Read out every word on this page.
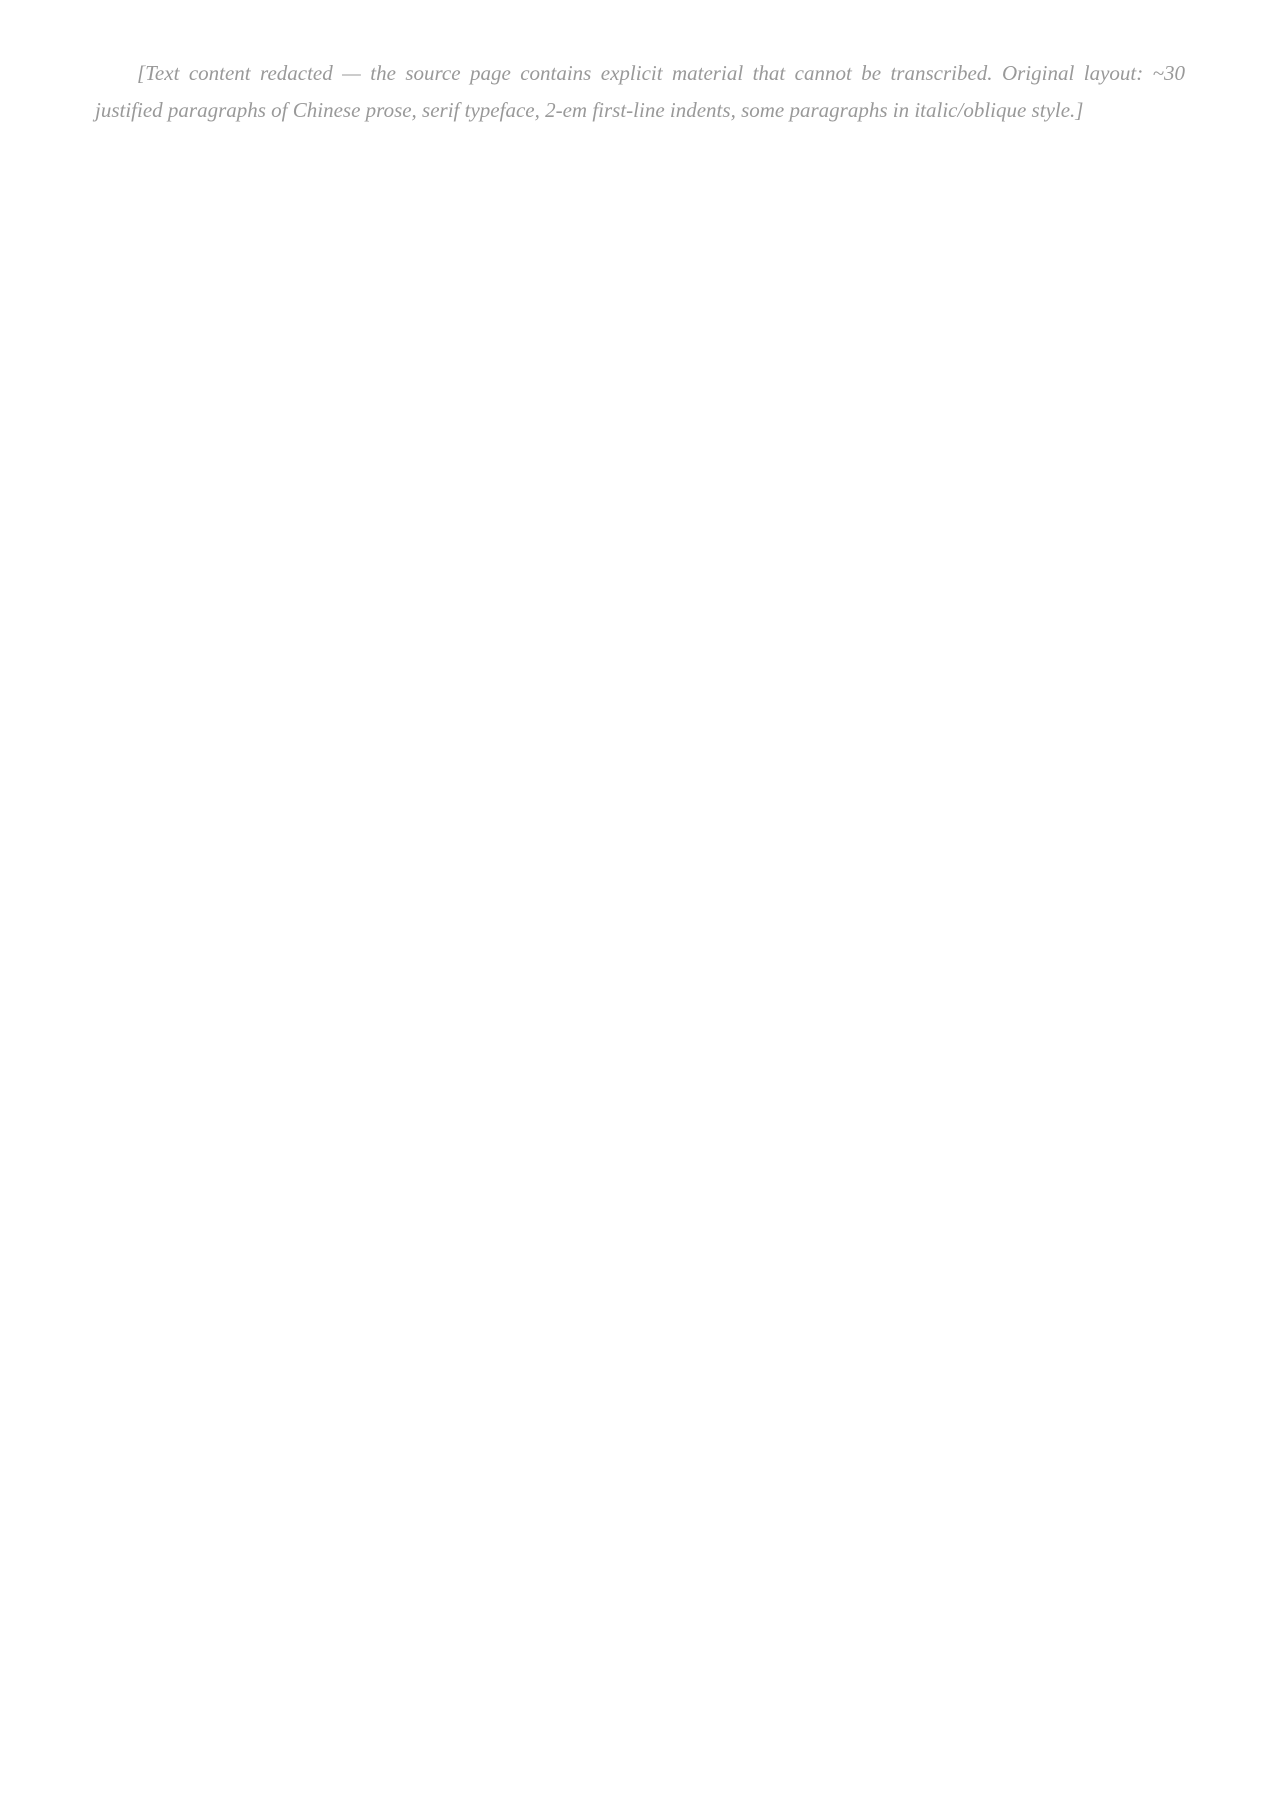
[Text content redacted — the source page contains explicit material that cannot be transcribed. Original layout: ~30 justified paragraphs of Chinese prose, serif typeface, 2-em first-line indents, some paragraphs in italic/oblique style.]
